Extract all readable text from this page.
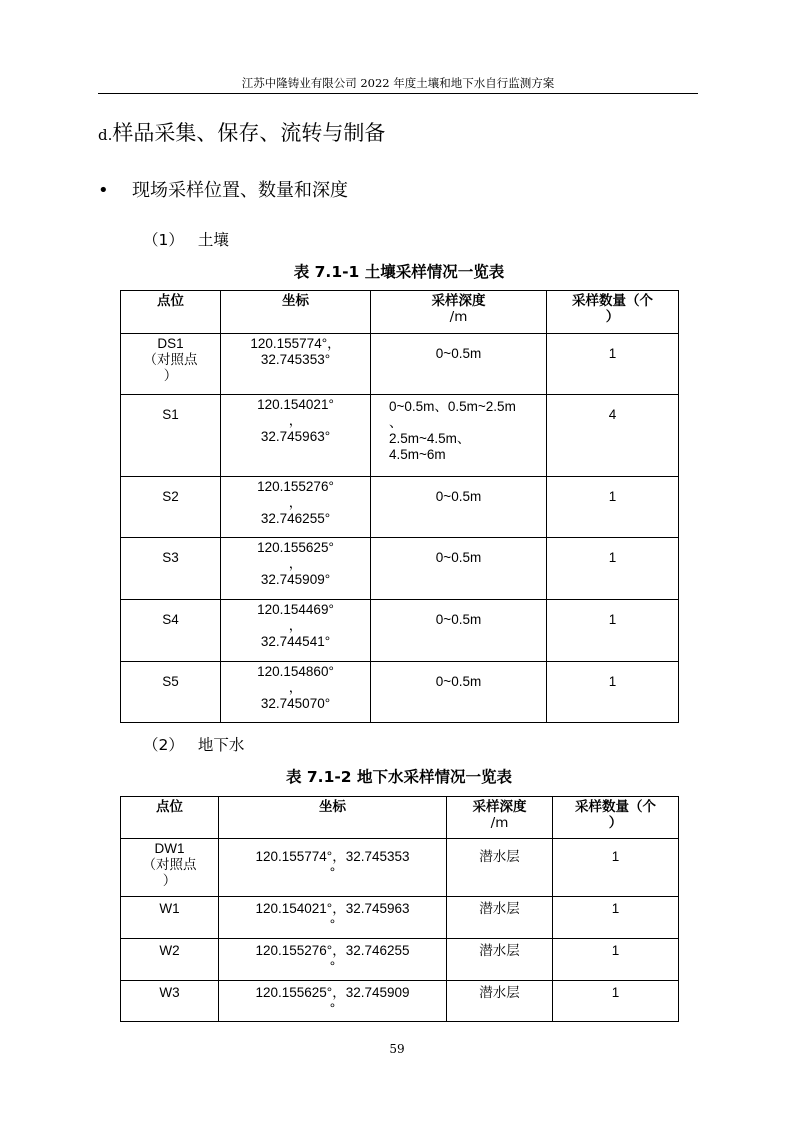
江苏中隆铸业有限公司 2022 年度土壤和地下水自行监测方案
d.样品采集、保存、流转与制备
• 现场采样位置、数量和深度
（1） 土壤
表 7.1-1 土壤采样情况一览表
点位	坐标	采样深度
/m	采样数量（个
）

DS1
（对照点
）	120.155774°，
32.745353°	0~0.5m	1

S1	120.154021°
，
32.745963°	0~0.5m、0.5m~2.5m
、
2.5m~4.5m、
4.5m~6m	4

S2	120.155276°
，
32.746255°	0~0.5m	1

S3	120.155625°
，
32.745909°	0~0.5m	1

S4	120.154469°
，
32.744541°	0~0.5m	1

S5	120.154860°
，
32.745070°	0~0.5m	1
（2） 地下水
表 7.1-2 地下水采样情况一览表
点位	坐标	采样深度
/m	采样数量（个
）

DW1
（对照点
）	120.155774°，32.745353
°	潜水层	1

W1	120.154021°，32.745963
°	潜水层	1

W2	120.155276°，32.746255
°	潜水层	1

W3	120.155625°，32.745909
°	潜水层	1
59
